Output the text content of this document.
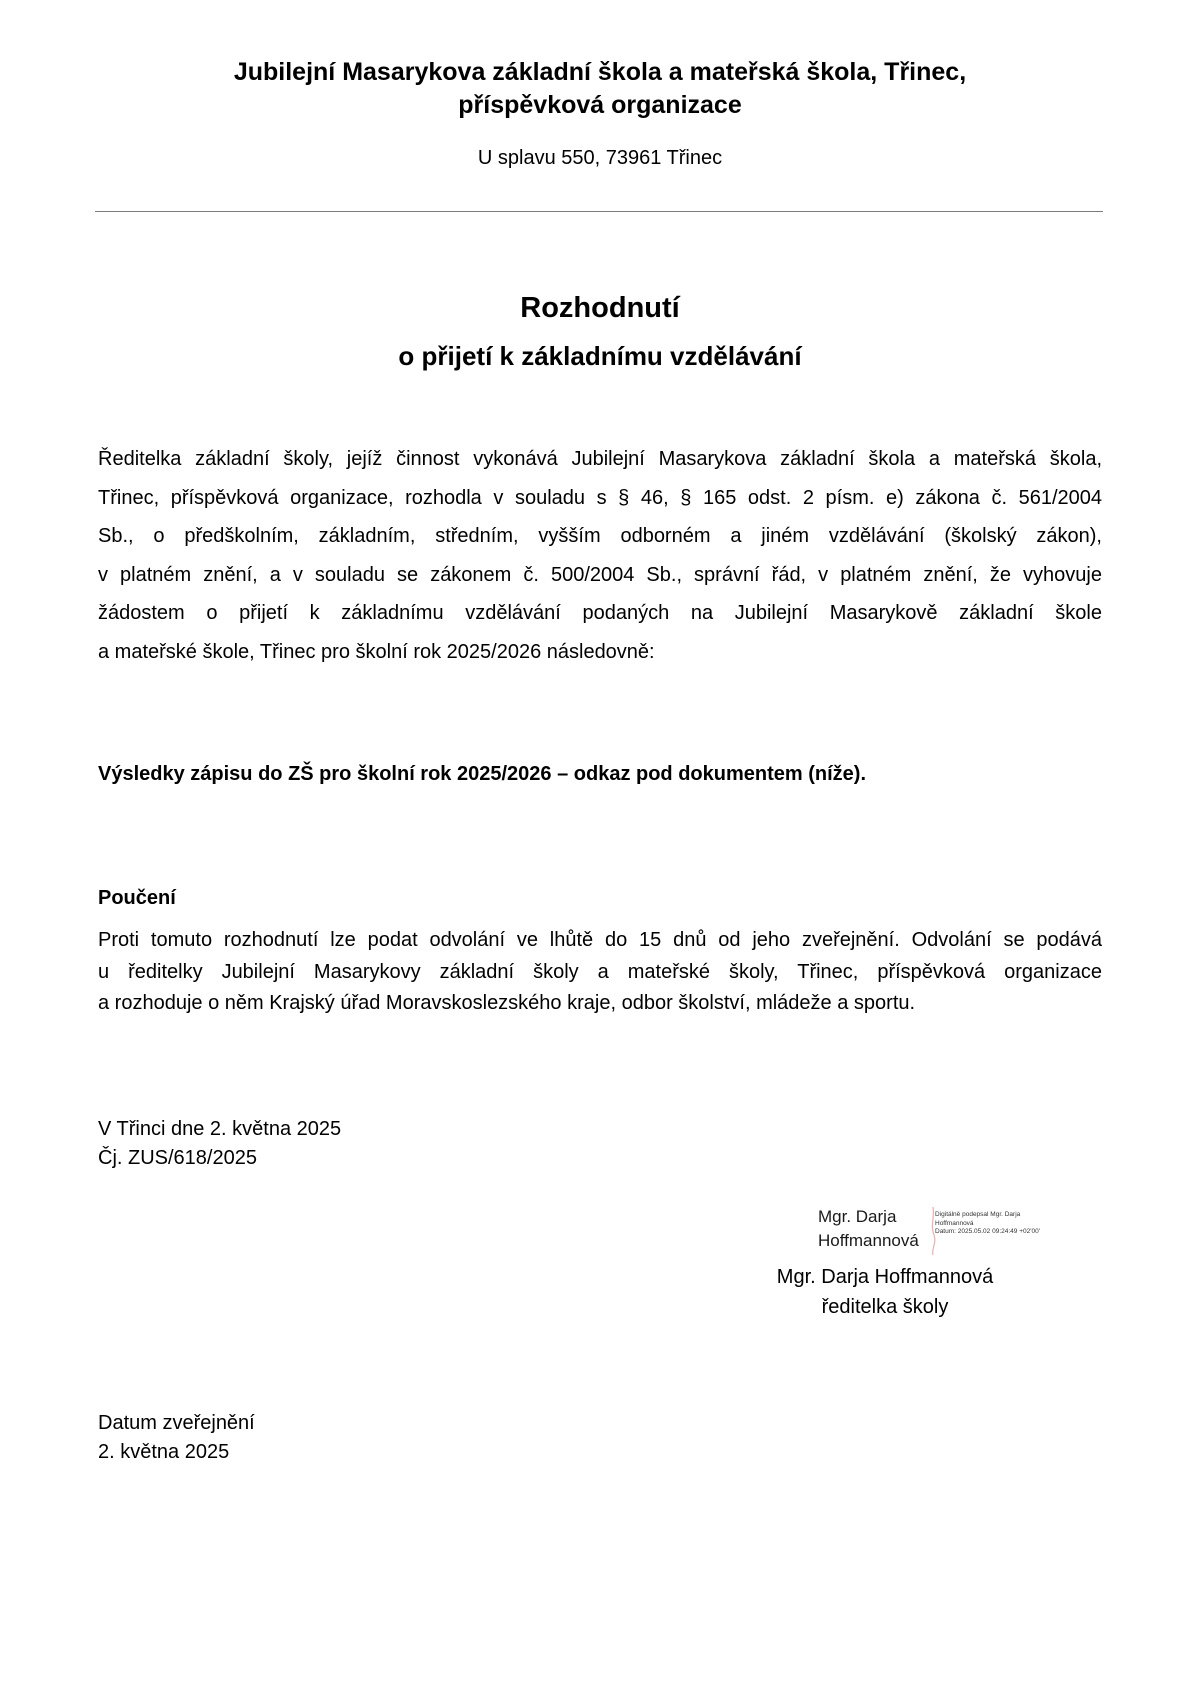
Jubilejní Masarykova základní škola a mateřská škola, Třinec,
příspěvková organizace
U splavu 550, 73961 Třinec
Rozhodnutí
o přijetí k základnímu vzdělávání
Ředitelka základní školy, jejíž činnost vykonává Jubilejní Masarykova základní škola a mateřská škola,
Třinec, příspěvková organizace, rozhodla v souladu s § 46, § 165 odst. 2 písm. e) zákona č. 561/2004
Sb., o předškolním, základním, středním, vyšším odborném a jiném vzdělávání (školský zákon),
v platném znění, a v souladu se zákonem č. 500/2004 Sb., správní řád, v platném znění, že vyhovuje
žádostem o přijetí k základnímu vzdělávání podaných na Jubilejní Masarykově základní škole
a mateřské škole, Třinec pro školní rok 2025/2026 následovně:
Výsledky zápisu do ZŠ pro školní rok 2025/2026 – odkaz pod dokumentem (níže).
Poučení
Proti tomuto rozhodnutí lze podat odvolání ve lhůtě do 15 dnů od jeho zveřejnění. Odvolání se podává
u ředitelky Jubilejní Masarykovy základní školy a mateřské školy, Třinec, příspěvková organizace
a rozhoduje o něm Krajský úřad Moravskoslezského kraje, odbor školství, mládeže a sportu.
V Třinci dne 2. května 2025
Čj. ZUS/618/2025
Mgr. Darja
Hoffmannová
Digitálně podepsal Mgr. Darja
Hoffmannová
Datum: 2025.05.02 09:24:49 +02'00'
Mgr. Darja Hoffmannová
ředitelka školy
Datum zveřejnění
2. května 2025
